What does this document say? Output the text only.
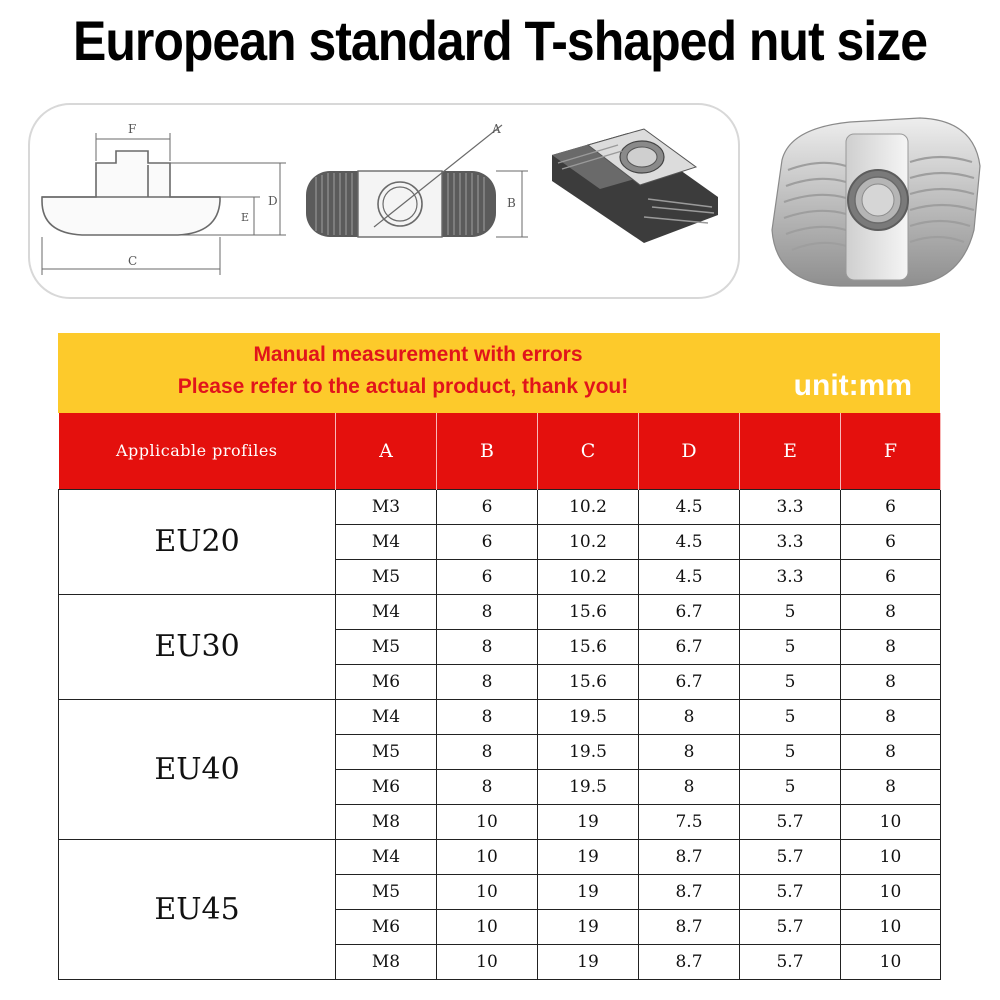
European standard T-shaped nut size
F
C
D
E
A
B
Manual measurement with errors
Please refer to the actual product, thank you!	unit:mm
Applicable profiles	A	B	C	D	E	F
EU20	M3	6	10.2	4.5	3.3	6
	M4	6	10.2	4.5	3.3	6
	M5	6	10.2	4.5	3.3	6
EU30	M4	8	15.6	6.7	5	8
	M5	8	15.6	6.7	5	8
	M6	8	15.6	6.7	5	8
EU40	M4	8	19.5	8	5	8
	M5	8	19.5	8	5	8
	M6	8	19.5	8	5	8
	M8	10	19	7.5	5.7	10
EU45	M4	10	19	8.7	5.7	10
	M5	10	19	8.7	5.7	10
	M6	10	19	8.7	5.7	10
	M8	10	19	8.7	5.7	10
